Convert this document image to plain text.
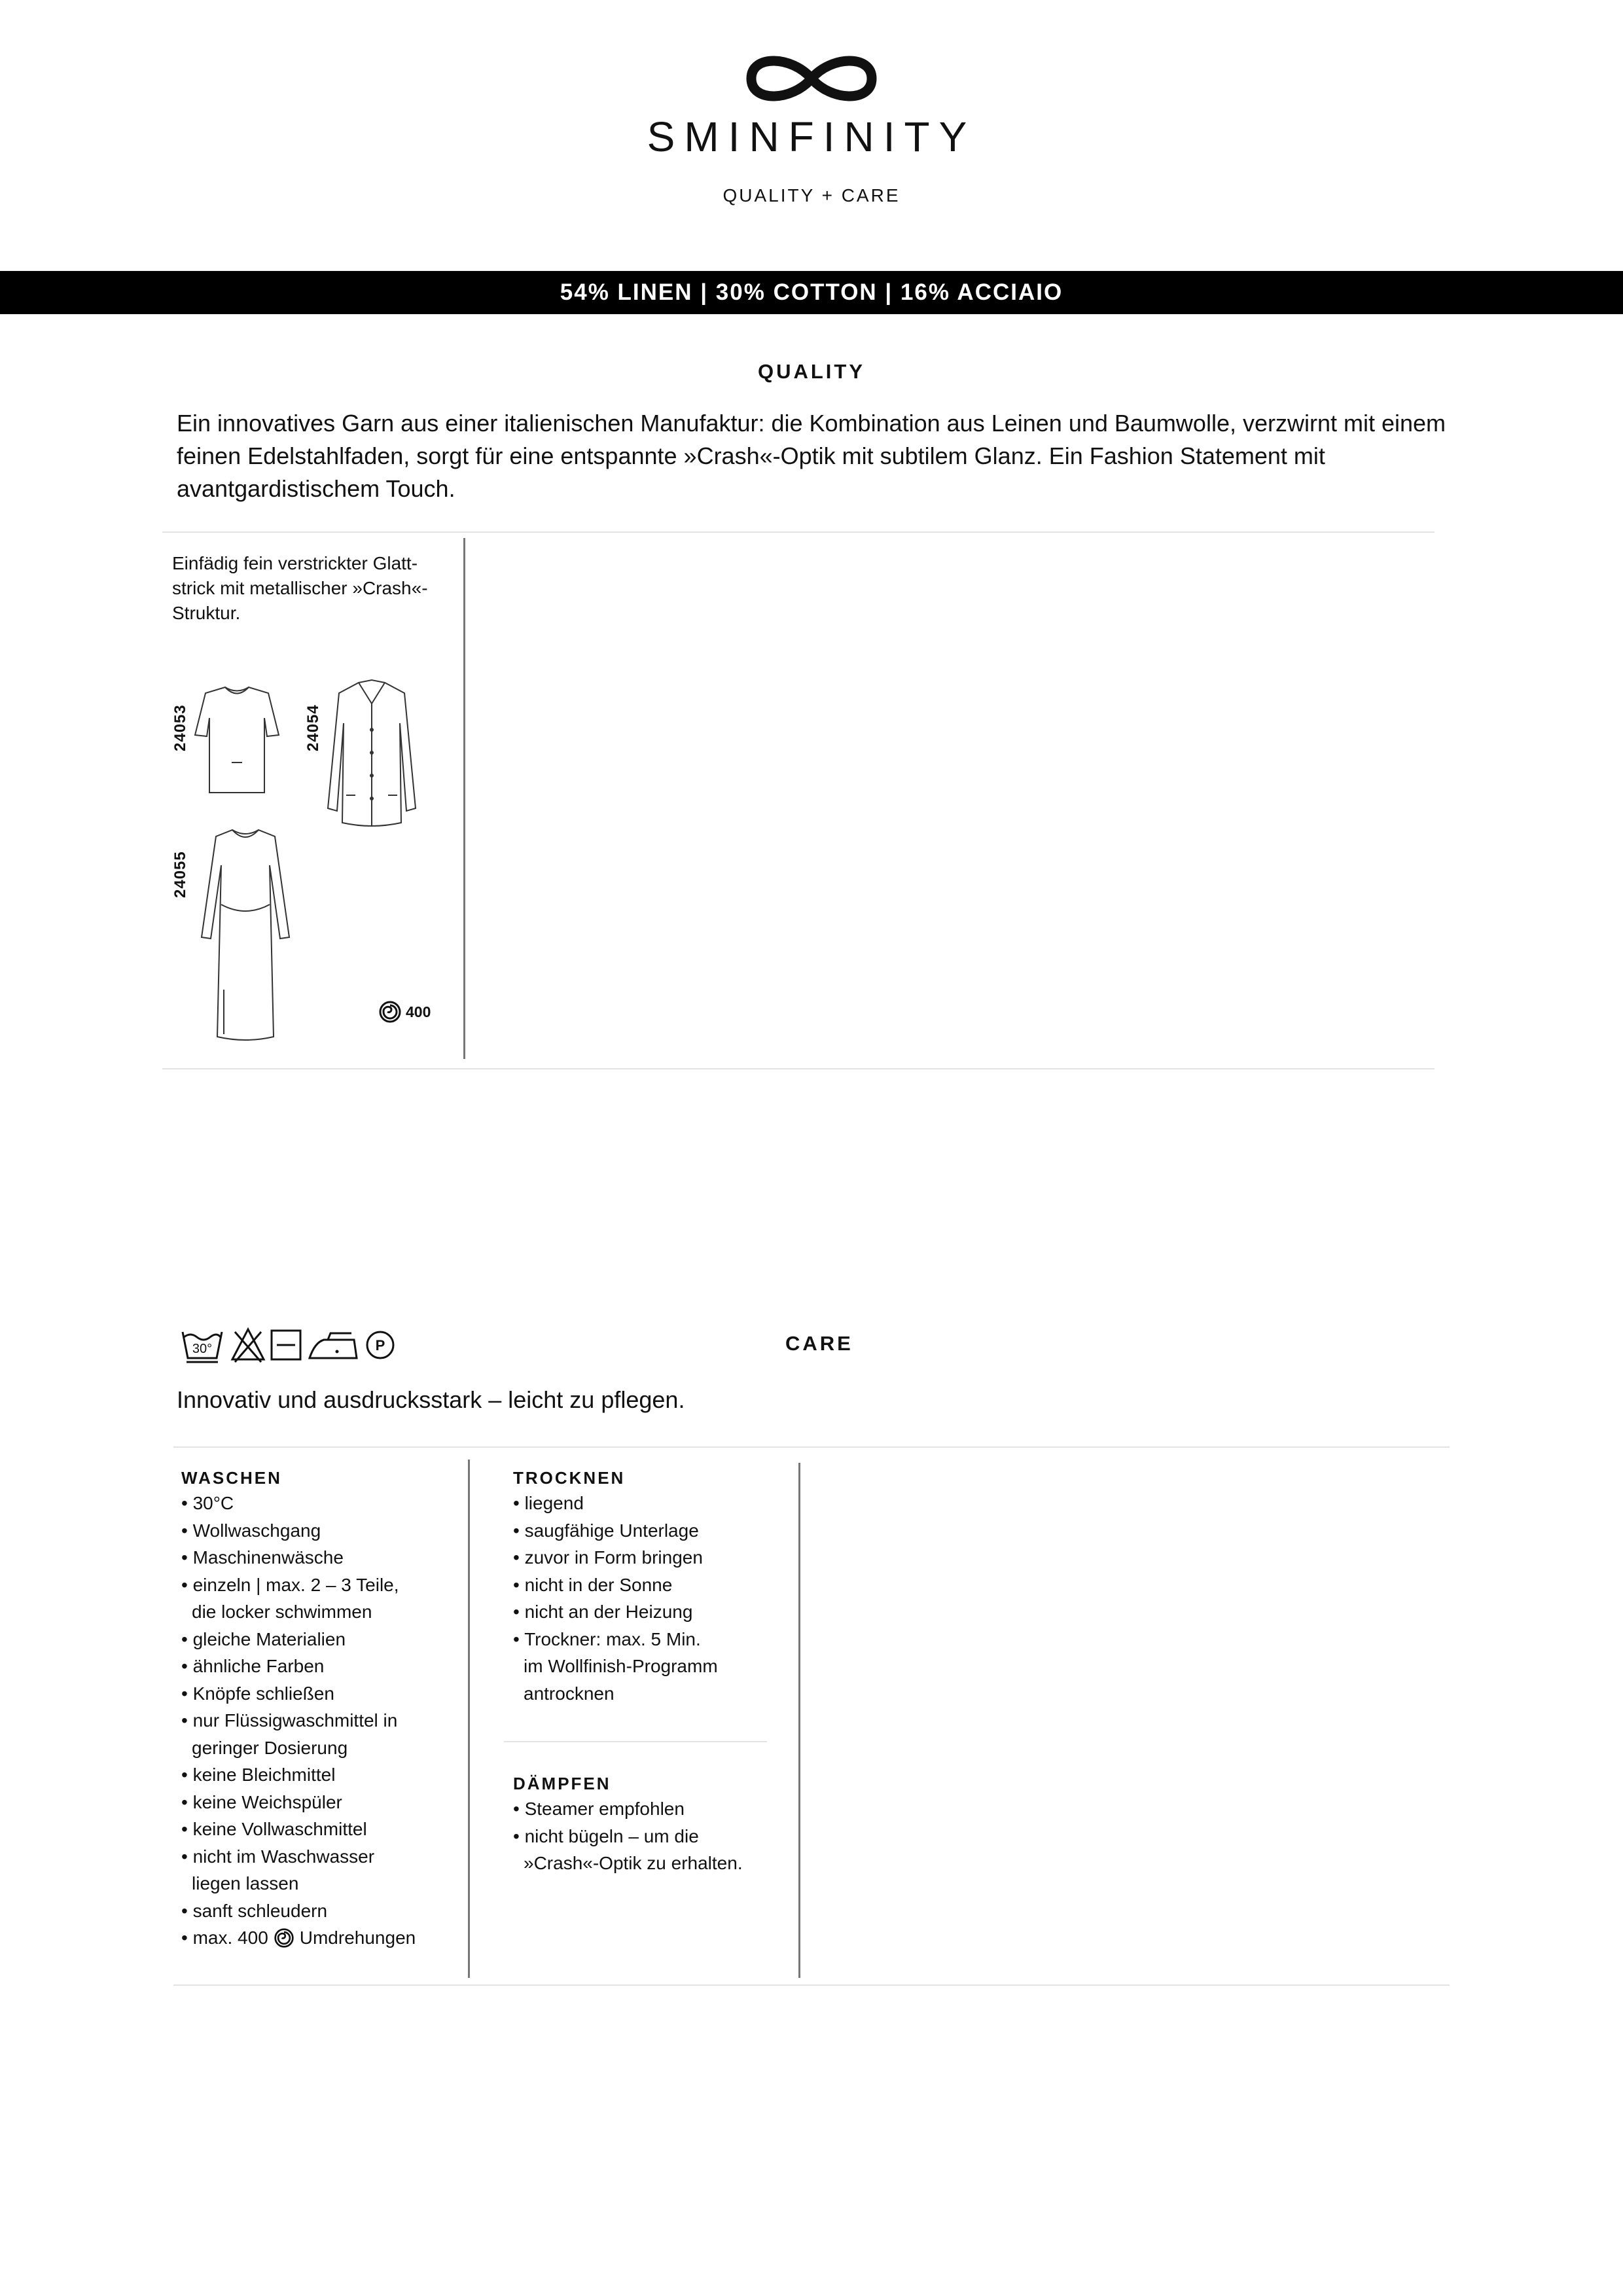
SMINFINITY
QUALITY + CARE
54% LINEN | 30% COTTON | 16% ACCIAIO
QUALITY
Ein innovatives Garn aus einer italienischen Manufaktur: die Kombination aus Leinen und Baumwolle, verzwirnt mit einem feinen Edelstahlfaden, sorgt für eine entspannte »Crash«-Optik mit subtilem Glanz. Ein Fashion Statement mit avantgardistischem Touch.
Einfädig fein verstrickter Glatt-strick mit metallischer »Crash«-Struktur.
24053	24054
24055
400
30°	P	CARE
Innovativ und ausdrucksstark – leicht zu pflegen.
WASCHEN
• 30°C
• Wollwaschgang
• Maschinenwäsche
• einzeln | max. 2 – 3 Teile,
die locker schwimmen
• gleiche Materialien
• ähnliche Farben
• Knöpfe schließen
• nur Flüssigwaschmittel in
geringer Dosierung
• keine Bleichmittel
• keine Weichspüler
• keine Vollwaschmittel
• nicht im Waschwasser
liegen lassen
• sanft schleudern
• max. 400 Umdrehungen
TROCKNEN
• liegend
• saugfähige Unterlage
• zuvor in Form bringen
• nicht in der Sonne
• nicht an der Heizung
• Trockner: max. 5 Min.
im Wollfinish-Programm
antrocknen
DÄMPFEN
• Steamer empfohlen
• nicht bügeln – um die
»Crash«-Optik zu erhalten.
